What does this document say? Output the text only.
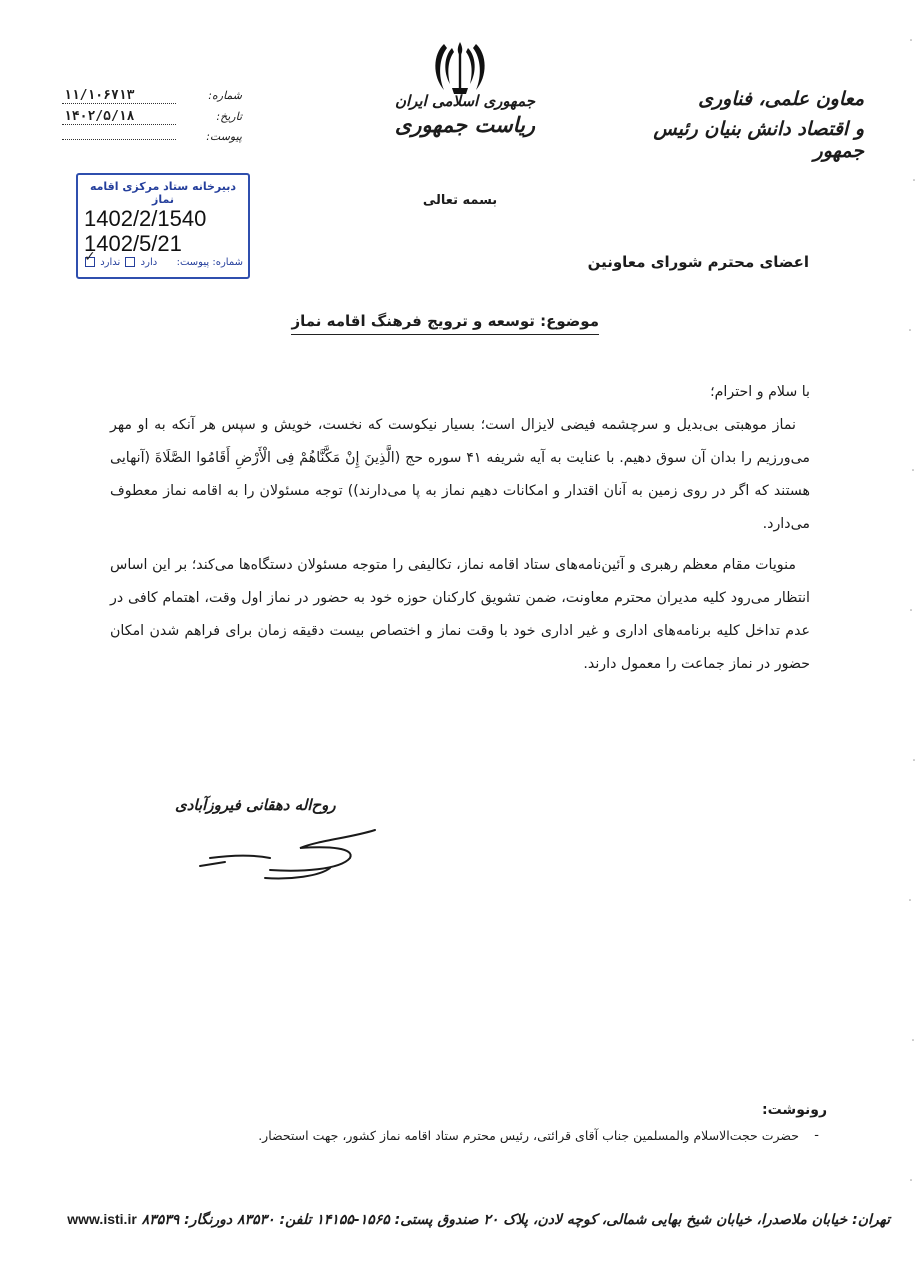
شماره:
۱۱/۱۰۶۷۱۳
تاریخ:
۱۴۰۲/۵/۱۸
پیوست:
دبیرخانه ستاد مرکزی اقامه نماز
1402/2/1540
1402/5/21
شماره: پیوست:
دارد  ندارد ✓
جمهوری اسلامی ایران
ریاست جمهوری
بسمه تعالی
معاون علمی، فناوری
و اقتصاد دانش بنیان رئیس جمهور
اعضای محترم شورای معاونین
موضوع: توسعه و ترویج فرهنگ اقامه نماز

با سلام و احترام؛

نماز موهبتی بی‌بدیل و سرچشمه فیضی لایزال است؛ بسیار نیکوست که نخست، خویش و سپس هر آنکه به او مهر می‌ورزیم را بدان آن سوق دهیم. با عنایت به آیه شریفه ۴۱ سوره حج (الَّذِینَ إِنْ مَکَّنَّاهُمْ فِی الْأَرْضِ أَقَامُوا الصَّلَاةَ (آنهایی هستند که اگر در روی زمین به آنان اقتدار و امکانات دهیم نماز به پا می‌دارند)) توجه مسئولان را به اقامه نماز معطوف می‌دارد.

منویات مقام معظم رهبری و آئین‌نامه‌های ستاد اقامه نماز، تکالیفی را متوجه مسئولان دستگاه‌ها می‌کند؛ بر این اساس انتظار می‌رود کلیه مدیران محترم معاونت، ضمن تشویق کارکنان حوزه خود به حضور در نماز اول وقت، اهتمام کافی در عدم تداخل کلیه برنامه‌های اداری و غیر اداری خود با وقت نماز و اختصاص بیست دقیقه زمان برای فراهم شدن امکان حضور در نماز جماعت را معمول دارند.

روح‌اله دهقانی فیروزآبادی
رونوشت:
-
حضرت حجت‌الاسلام والمسلمین جناب آقای قرائتی، رئیس محترم ستاد اقامه نماز کشور، جهت استحضار.
تهران: خیابان ملاصدرا، خیابان شیخ بهایی شمالی، کوچه لادن، پلاک ۲۰ صندوق پستی: ۱۵۶۵-۱۴۱۵۵ تلفن: ۸۳۵۳۰ دورنگار: ۸۳۵۳۹ www.isti.ir
